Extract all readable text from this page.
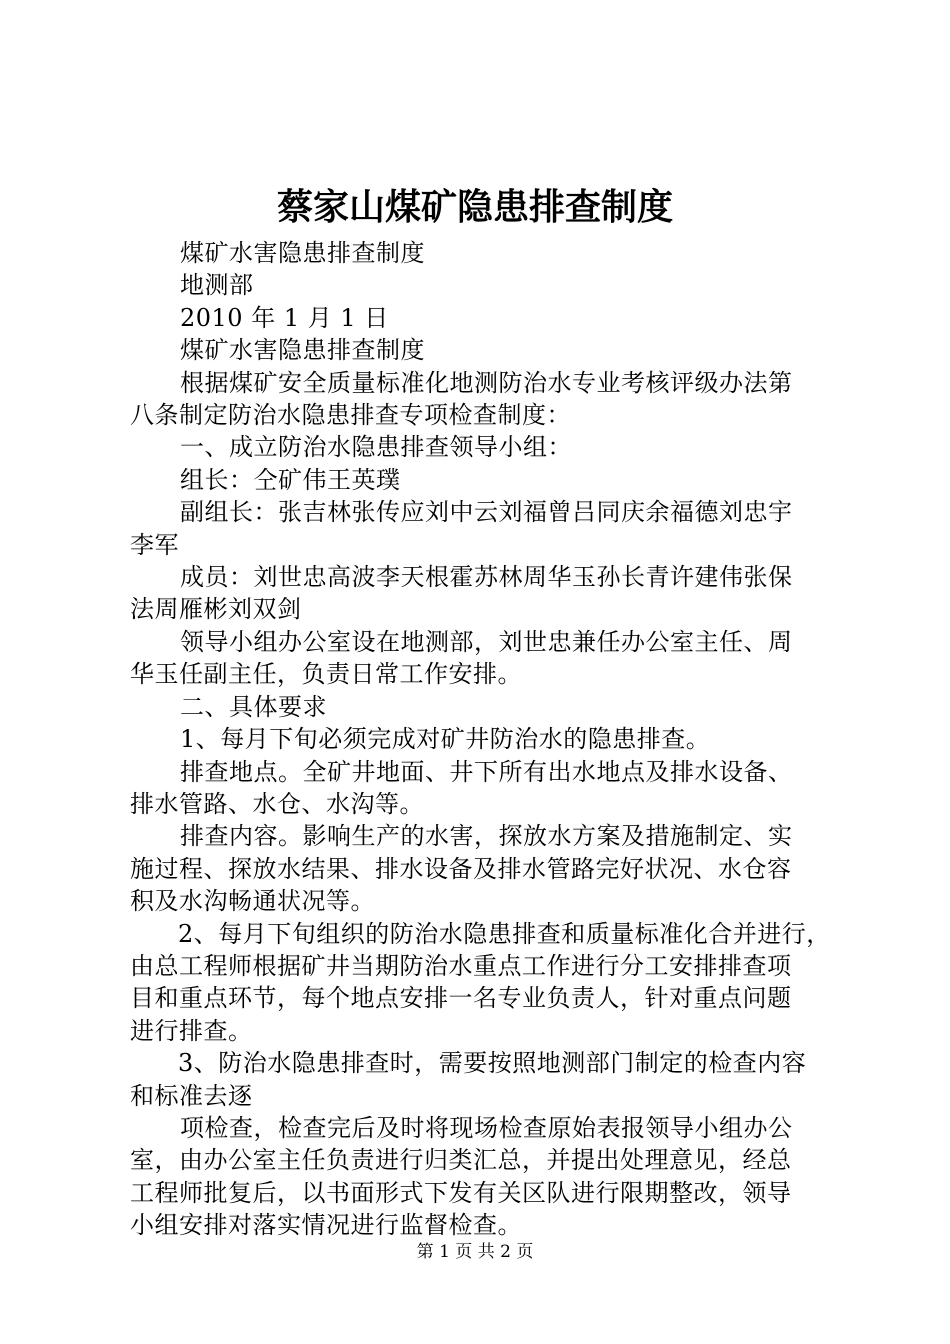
蔡家山煤矿隐患排查制度

煤矿水害隐患排查制度

地测部

2010 年 1 月 1 日

煤矿水害隐患排查制度

根据煤矿安全质量标准化地测防治水专业考核评级办法第

八条制定防治水隐患排查专项检查制度：

一、成立防治水隐患排查领导小组：

组长：仝矿伟王英璞

副组长：张吉林张传应刘中云刘福曾吕同庆余福德刘忠宇

李军

成员：刘世忠高波李天根霍苏林周华玉孙长青许建伟张保

法周雁彬刘双剑

领导小组办公室设在地测部，刘世忠兼任办公室主任、周

华玉任副主任，负责日常工作安排。

二、具体要求

1、每月下旬必须完成对矿井防治水的隐患排查。

排查地点。全矿井地面、井下所有出水地点及排水设备、

排水管路、水仓、水沟等。

排查内容。影响生产的水害，探放水方案及措施制定、实

施过程、探放水结果、排水设备及排水管路完好状况、水仓容

积及水沟畅通状况等。

2、每月下旬组织的防治水隐患排查和质量标准化合并进行，

由总工程师根据矿井当期防治水重点工作进行分工安排排查项

目和重点环节，每个地点安排一名专业负责人，针对重点问题

进行排查。

3、防治水隐患排查时，需要按照地测部门制定的检查内容

和标准去逐

项检查，检查完后及时将现场检查原始表报领导小组办公

室，由办公室主任负责进行归类汇总，并提出处理意见，经总

工程师批复后，以书面形式下发有关区队进行限期整改，领导

小组安排对落实情况进行监督检查。

第 1 页 共 2 页
